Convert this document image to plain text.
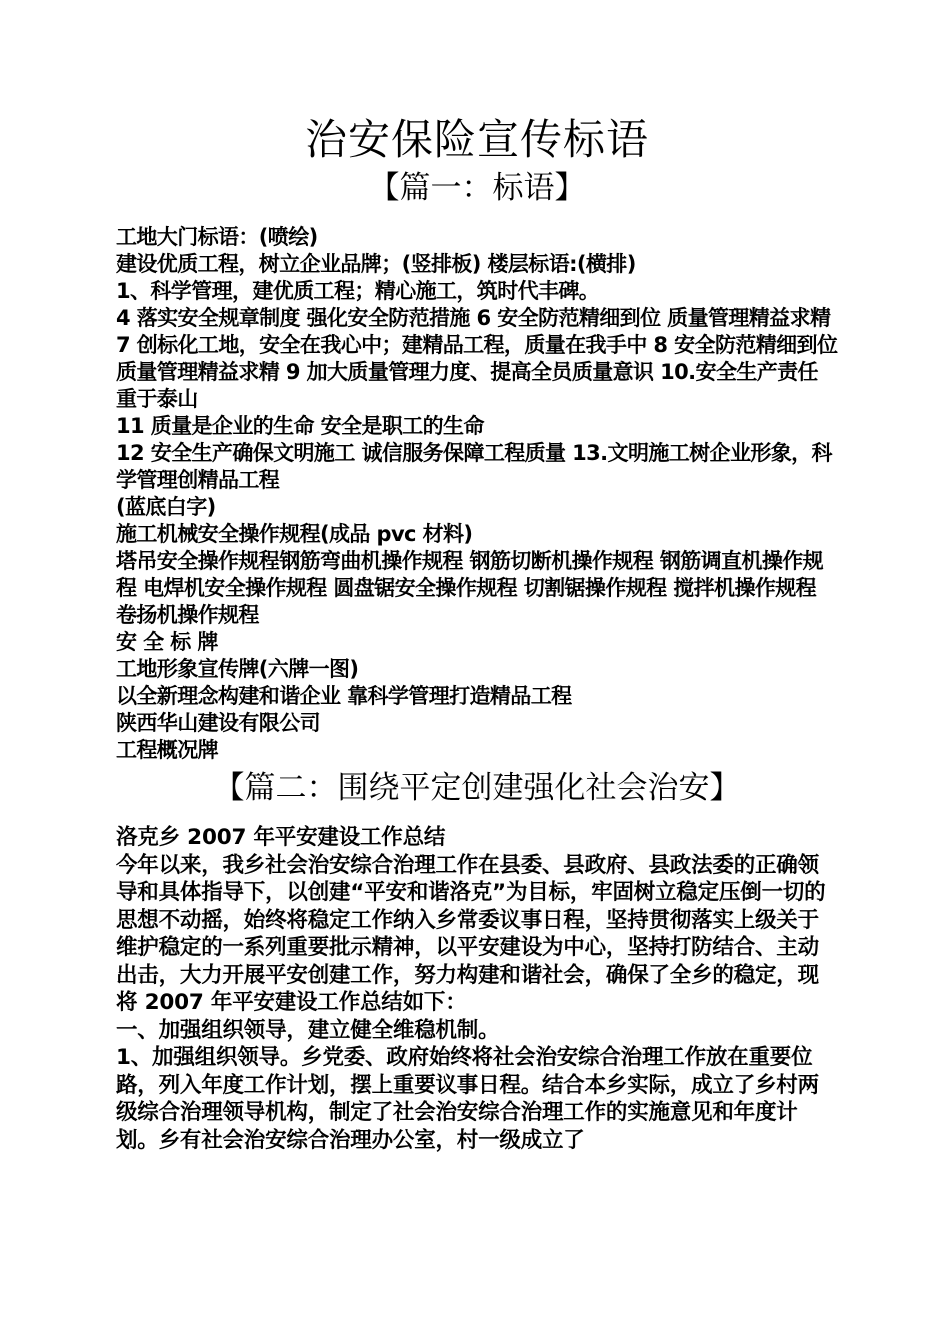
治安保险宣传标语
【篇一：标语】

工地大门标语：(喷绘)

建设优质工程，树立企业品牌；(竖排板) 楼层标语:(横排)

1、科学管理，建优质工程；精心施工，筑时代丰碑。

4 落实安全规章制度 强化安全防范措施 6 安全防范精细到位 质量管理精益求精

7 创标化工地，安全在我心中；建精品工程，质量在我手中 8 安全防范精细到位 质量管理精益求精 9 加大质量管理力度、提高全员质量意识 10.安全生产责任重于泰山

11 质量是企业的生命 安全是职工的生命

12 安全生产确保文明施工 诚信服务保障工程质量 13.文明施工树企业形象，科学管理创精品工程

(蓝底白字)

施工机械安全操作规程(成品 pvc 材料)

塔吊安全操作规程钢筋弯曲机操作规程 钢筋切断机操作规程 钢筋调直机操作规程 电焊机安全操作规程 圆盘锯安全操作规程 切割锯操作规程 搅拌机操作规程 卷扬机操作规程

安 全 标 牌

工地形象宣传牌(六牌一图)

以全新理念构建和谐企业 靠科学管理打造精品工程

陕西华山建设有限公司

工程概况牌

【篇二：围绕平定创建强化社会治安】

洛克乡 2007 年平安建设工作总结

今年以来，我乡社会治安综合治理工作在县委、县政府、县政法委的正确领导和具体指导下，以创建“平安和谐洛克”为目标，牢固树立稳定压倒一切的思想不动摇，始终将稳定工作纳入乡常委议事日程，坚持贯彻落实上级关于维护稳定的一系列重要批示精神，以平安建设为中心，坚持打防结合、主动出击，大力开展平安创建工作，努力构建和谐社会，确保了全乡的稳定，现将 2007 年平安建设工作总结如下：

一、加强组织领导，建立健全维稳机制。

1、加强组织领导。乡党委、政府始终将社会治安综合治理工作放在重要位路，列入年度工作计划，摆上重要议事日程。结合本乡实际，成立了乡村两级综合治理领导机构，制定了社会治安综合治理工作的实施意见和年度计划。乡有社会治安综合治理办公室，村一级成立了
